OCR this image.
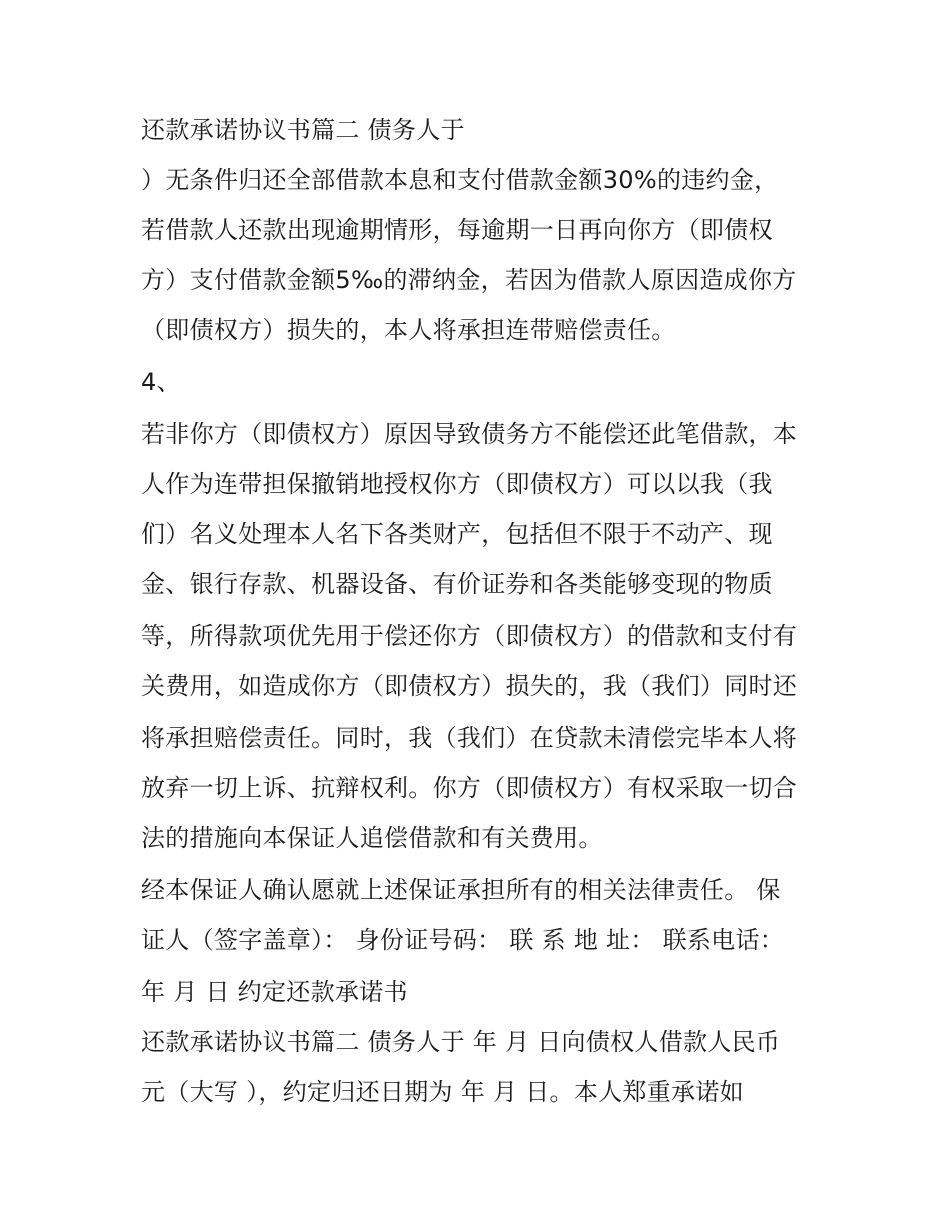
还款承诺协议书篇二 债务人于
）无条件归还全部借款本息和支付借款金额30%的违约金，
若借款人还款出现逾期情形，每逾期一日再向你方（即债权
方）支付借款金额5‰的滞纳金，若因为借款人原因造成你方
（即债权方）损失的，本人将承担连带赔偿责任。
4、
若非你方（即债权方）原因导致债务方不能偿还此笔借款，本
人作为连带担保撤销地授权你方（即债权方）可以以我（我
们）名义处理本人名下各类财产，包括但不限于不动产、现
金、银行存款、机器设备、有价证券和各类能够变现的物质
等，所得款项优先用于偿还你方（即债权方）的借款和支付有
关费用，如造成你方（即债权方）损失的，我（我们）同时还
将承担赔偿责任。同时，我（我们）在贷款未清偿完毕本人将
放弃一切上诉、抗辩权利。你方（即债权方）有权采取一切合
法的措施向本保证人追偿借款和有关费用。
经本保证人确认愿就上述保证承担所有的相关法律责任。 保
证人（签字盖章）： 身份证号码： 联 系 地 址： 联系电话：
年 月 日 约定还款承诺书
还款承诺协议书篇二 债务人于 年 月 日向债权人借款人民币
元（大写 ），约定归还日期为 年 月 日。本人郑重承诺如
